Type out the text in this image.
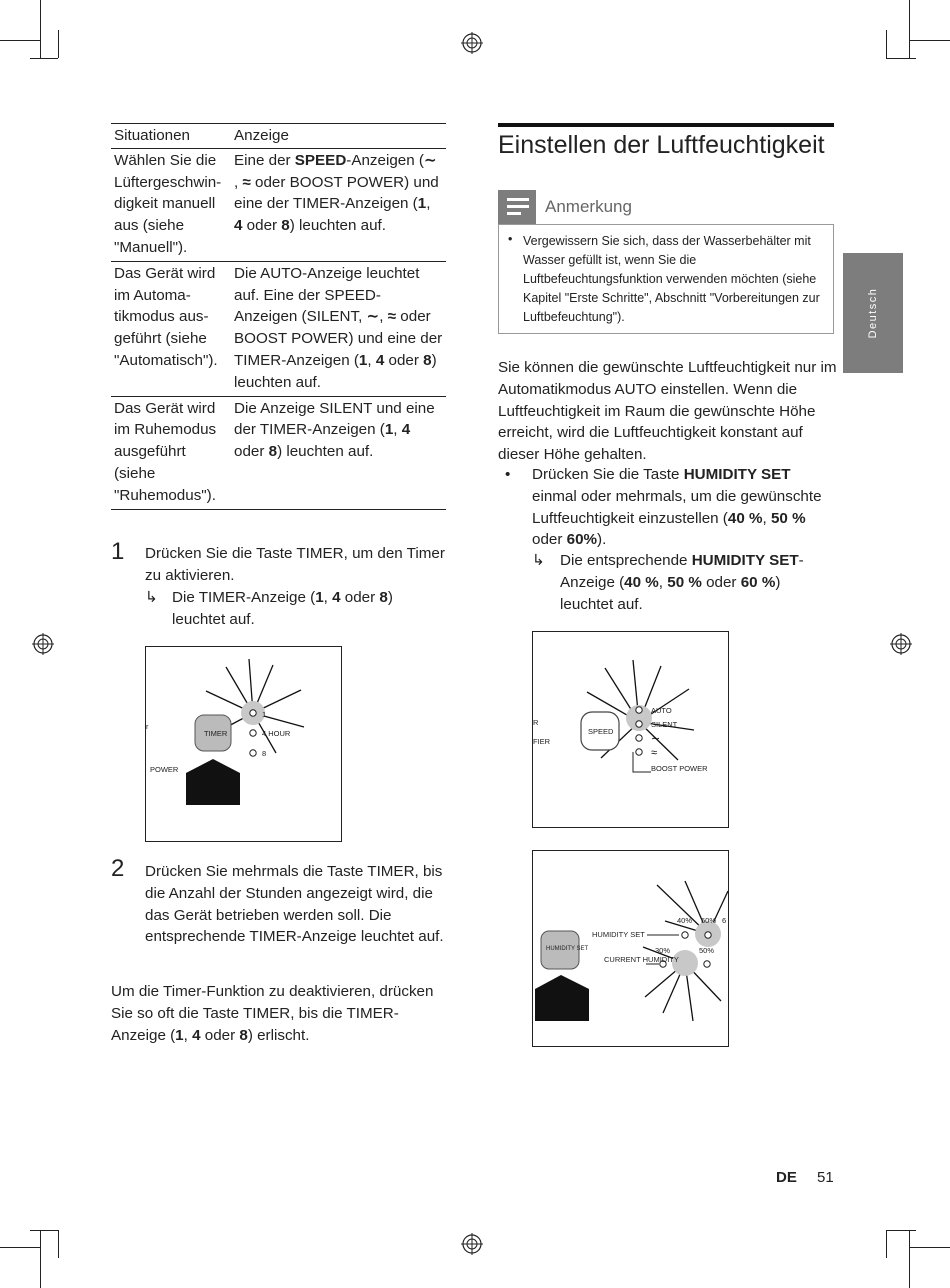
Situationen	Anzeige
Wählen Sie die Lüftergeschwin-digkeit manuell aus (siehe "Manuell").	Eine der SPEED-Anzeigen (∼ , ≈ oder BOOST POWER) und eine der TIMER-Anzeigen (1, 4 oder 8) leuchten auf.
Das Gerät wird im Automa-tikmodus aus-geführt (siehe "Automatisch").	Die AUTO-Anzeige leuchtet auf. Eine der SPEED-Anzeigen (SILENT, ∼, ≈ oder BOOST POWER) und eine der TIMER-Anzeigen (1, 4 oder 8) leuchten auf.
Das Gerät wird im Ruhemodus ausgeführt (siehe "Ruhemodus").	Die Anzeige SILENT und eine der TIMER-Anzeigen (1, 4 oder 8) leuchten auf.
1 Drücken Sie die Taste TIMER, um den Timer zu aktivieren.
↳ Die TIMER-Anzeige (1, 4 oder 8) leuchtet auf.
TIMER
1
4 HOUR
8
r
POWER
2 Drücken Sie mehrmals die Taste TIMER, bis die Anzahl der Stunden angezeigt wird, die das Gerät betrieben werden soll. Die entsprechende TIMER-Anzeige leuchtet auf.
Um die Timer-Funktion zu deaktivieren, drücken Sie so oft die Taste TIMER, bis die TIMER-Anzeige (1, 4 oder 8) erlischt.
Einstellen der Luftfeuchtigkeit
Anmerkung
• Vergewissern Sie sich, dass der Wasserbehälter mit Wasser gefüllt ist, wenn Sie die Luftbefeuchtungsfunktion verwenden möchten (siehe Kapitel "Erste Schritte", Abschnitt "Vorbereitungen zur Luftbefeuchtung").
Sie können die gewünschte Luftfeuchtigkeit nur im Automatikmodus AUTO einstellen. Wenn die Luftfeuchtigkeit im Raum die gewünschte Höhe erreicht, wird die Luftfeuchtigkeit konstant auf dieser Höhe gehalten.
• Drücken Sie die Taste HUMIDITY SET einmal oder mehrmals, um die gewünschte Luftfeuchtigkeit einzustellen (40 %, 50 % oder 60%).
↳ Die entsprechende HUMIDITY SET-Anzeige (40 %, 50 % oder 60 %) leuchtet auf.
AUTO
SILENT
∼
≈
BOOST POWER
SPEED
R
FIER
40% 50% 6
30%	50%
HUMIDITY SET
CURRENT HUMIDITY
HUMIDITY SET
Deutsch
DE 51
